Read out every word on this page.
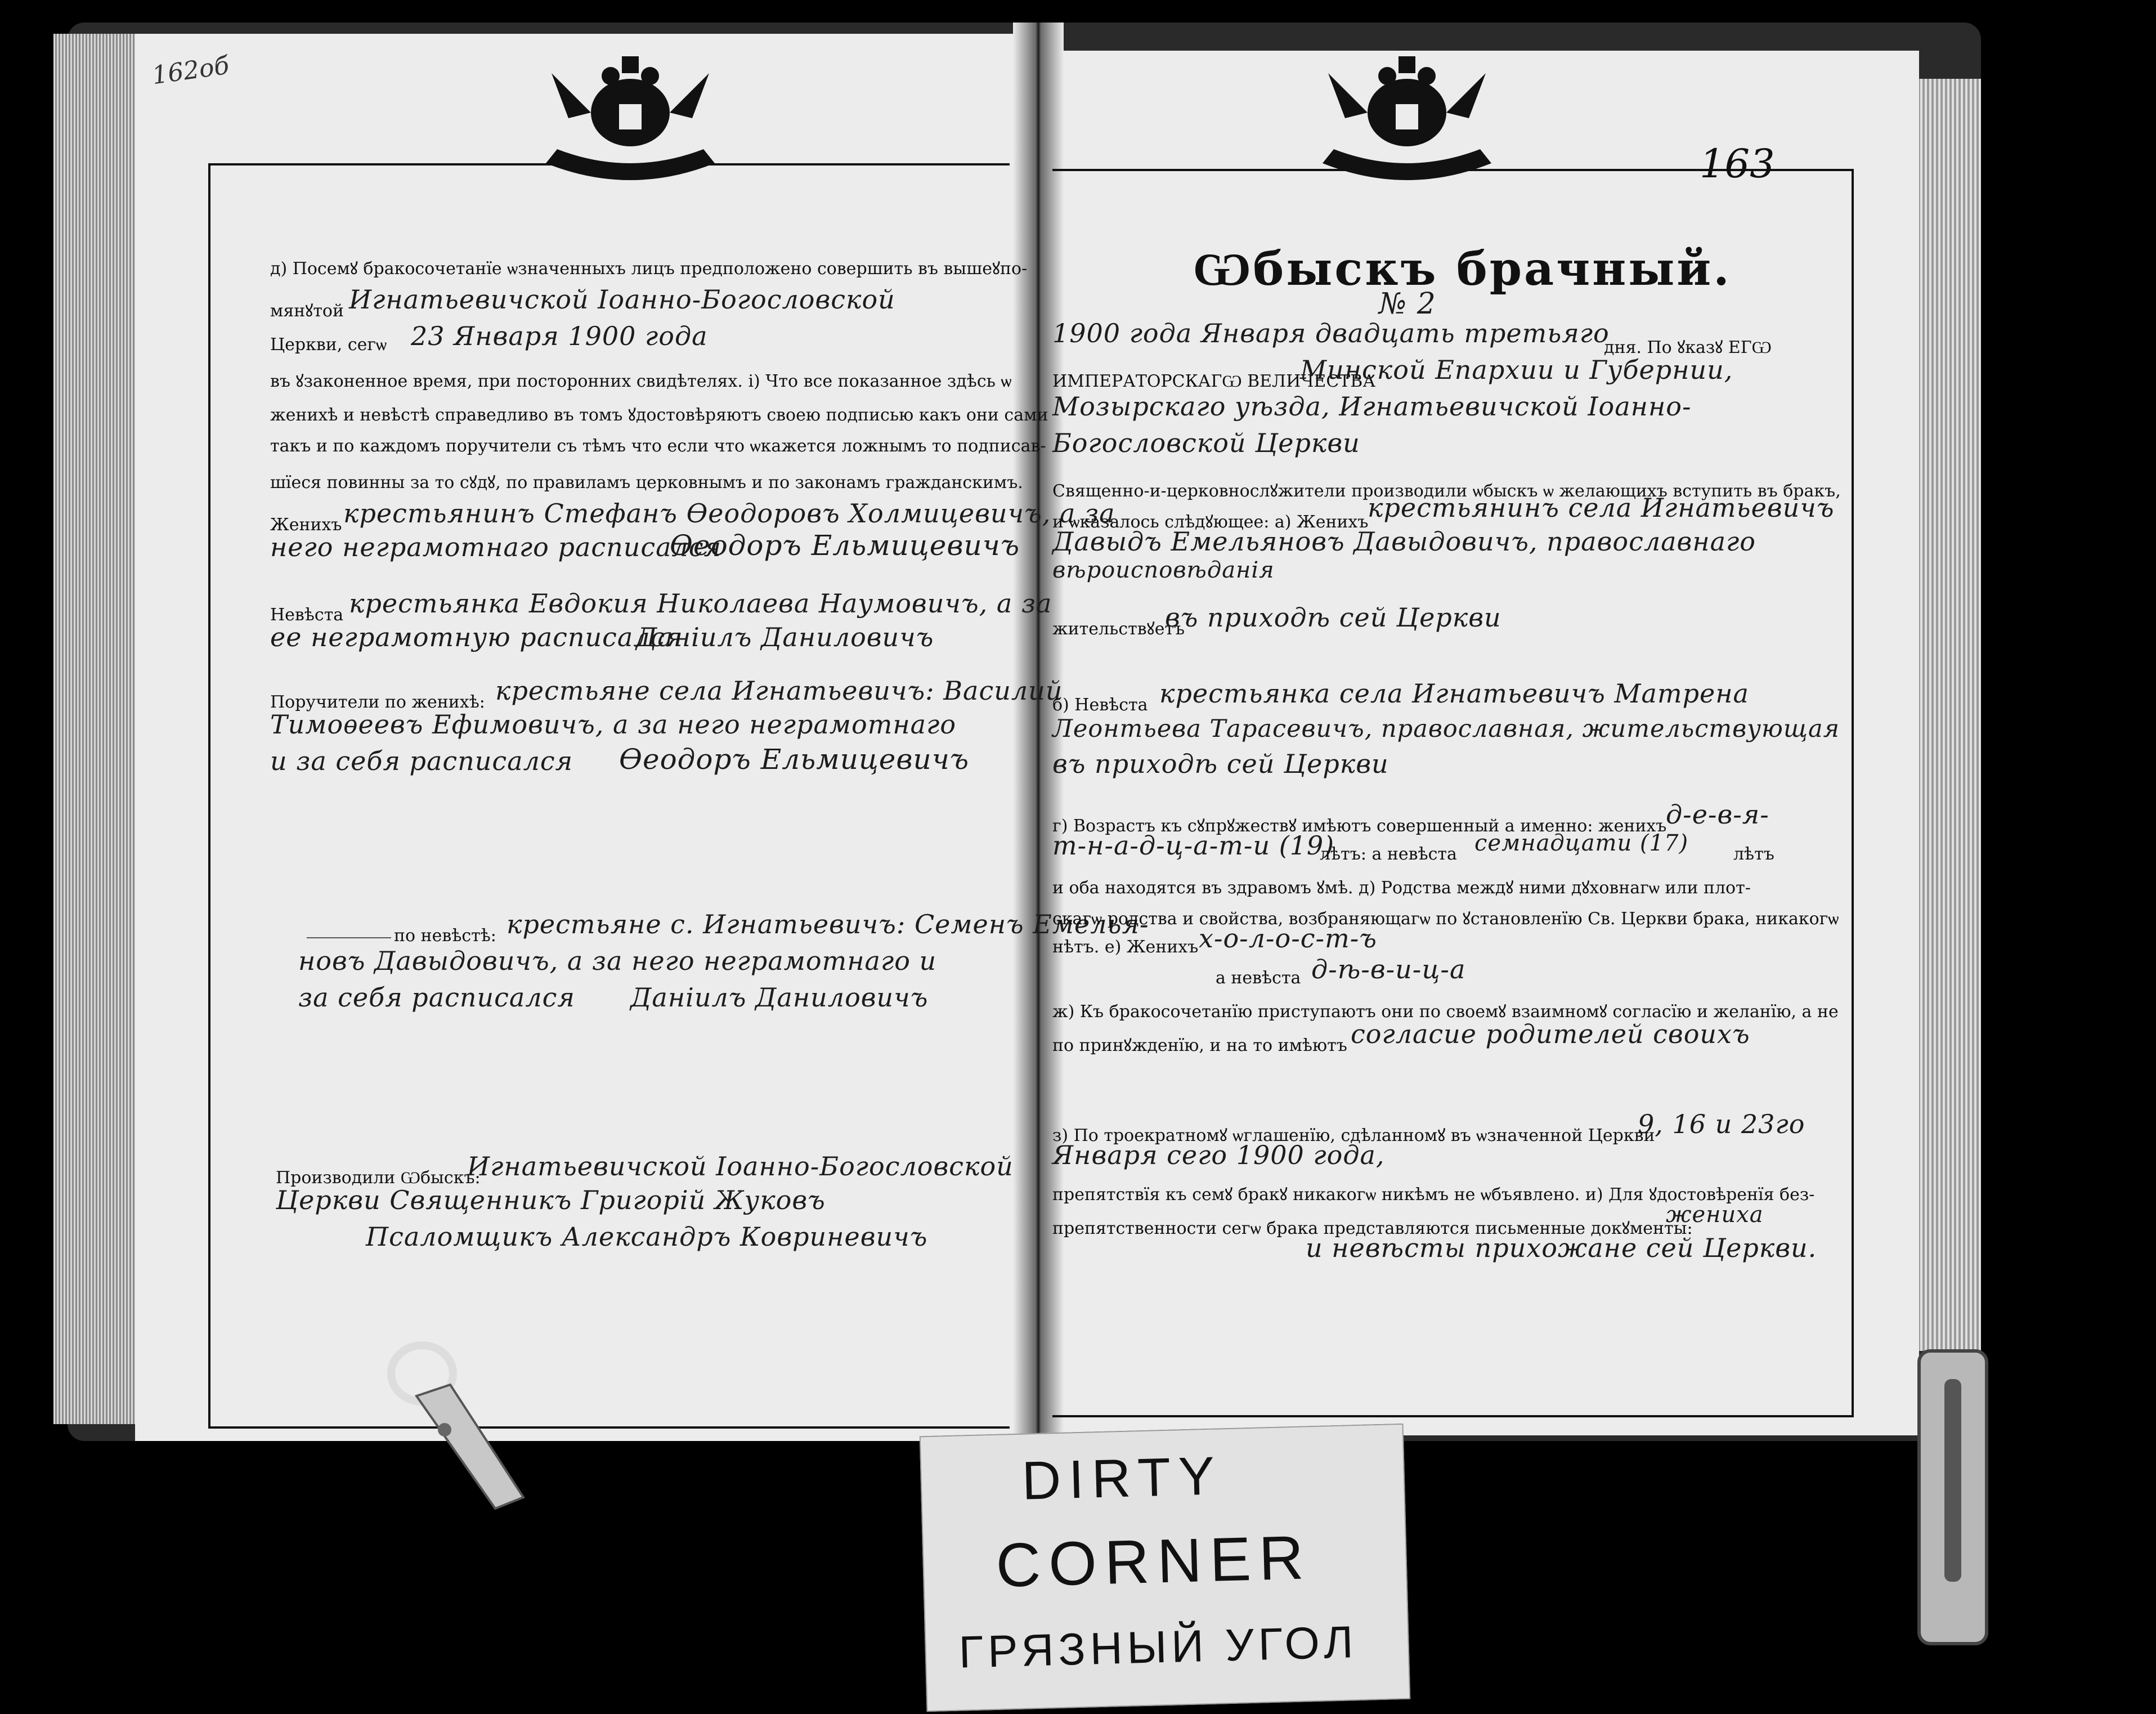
162об
д) Посемꙋ бракосочетанїе ѡзначенныхъ лицъ предположено совершить въ вышеꙋпо-
мянꙋтой Игнатьевичской Іоанно-Богословской
Церкви, сегѡ 23 Января 1900 года
въ ꙋзаконенное время, при посторонних свидѣтелях. і) Что все показанное здѣсь ѡ
женихѣ и невѣстѣ справедливо въ томъ ꙋдостовѣряютъ своею подписью какъ они сами
такъ и по каждомъ поручители съ тѣмъ что если что ѡкажется ложнымъ то подписав-
шїеся повинны за то сꙋдꙋ, по правиламъ церковнымъ и по законамъ гражданскимъ.
Женихъ крестьянинъ Стефанъ Өеодоровъ Холмицевичъ, а за
него неграмотнаго расписался
Өеодоръ Ельмицевичъ
Невѣста крестьянка Евдокия Николаева Наумовичъ, а за
ее неграмотную расписался
Даніилъ Даниловичъ
Поручители по женихѣ: крестьяне села Игнатьевичъ: Василий
Тимоѳеевъ Ефимовичъ, а за него неграмотнаго
и за себя расписался Өеодоръ Ельмицевичъ
по невѣстѣ: крестьяне с. Игнатьевичъ: Семенъ Емелья-
новъ Давыдовичъ, а за него неграмотнаго и
за себя расписался Даніилъ Даниловичъ
Производили Ѡбыскъ:
Игнатьевичской Іоанно-Богословской
Церкви Священникъ Григорій Жуковъ
Псаломщикъ Александръ Ковриневичъ
163
Ѡбыскъ брачный.
№ 2
1900 года Января двадцать третьяго
дня. По ꙋказꙋ ЕГѠ
ИМПЕРАТОРСКАГѠ ВЕЛИЧЕСТВА
Минской Епархии и Губернии,
Мозырскаго уѣзда, Игнатьевичской Іоанно-
Богословской Церкви
Священно-и-церковнослꙋжители производили ѡбыскъ ѡ желающихъ вступить въ бракъ,
и ѡказалось слѣдꙋющее: а) Женихъ
крестьянинъ села Игнатьевичъ
Давыдъ Емельяновъ Давыдовичъ, православнаго
вѣроисповѣданія
жительствꙋетъ
въ приходѣ сей Церкви
б) Невѣста крестьянка села Игнатьевичъ Матрена
Леонтьева Тарасевичъ, православная, жительствующая
въ приходѣ сей Церкви
г) Возрастъ къ сꙋпрꙋжествꙋ имѣютъ совершенный а именно: женихъ
д-е-в-я-
т-н-а-д-ц-а-т-и (19)
лѣтъ: а невѣста семнадцати (17)	лѣтъ
и оба находятся въ здравомъ ꙋмѣ. д) Родства междꙋ ними дꙋховнагѡ или плот-
скагѡ родства и свойства, возбраняющагѡ по ꙋстановленїю Св. Церкви брака, никакогѡ
нѣтъ. е) Женихъ х-о-л-о-с-т-ъ
а невѣста д-ѣ-в-и-ц-а
ж) Къ бракосочетанїю приступаютъ они по своемꙋ взаимномꙋ согласїю и желанїю, а не
по принꙋжденїю, и на то имѣютъ согласие родителей своихъ
з) По троекратномꙋ ѡглашенїю, сдѣланномꙋ въ ѡзначенной Церкви
9, 16 и 23го
Января сего 1900 года,
препятствїя къ семꙋ бракꙋ никакогѡ никѣмъ не ѡбъявлено. и) Для ꙋдостовѣренїя без-
препятственности сегѡ брака представляются письменные докꙋменты:
жениха
и невѣсты прихожане сей Церкви.
DIRTY
CORNER
ГРЯЗНЫЙ УГОЛ
